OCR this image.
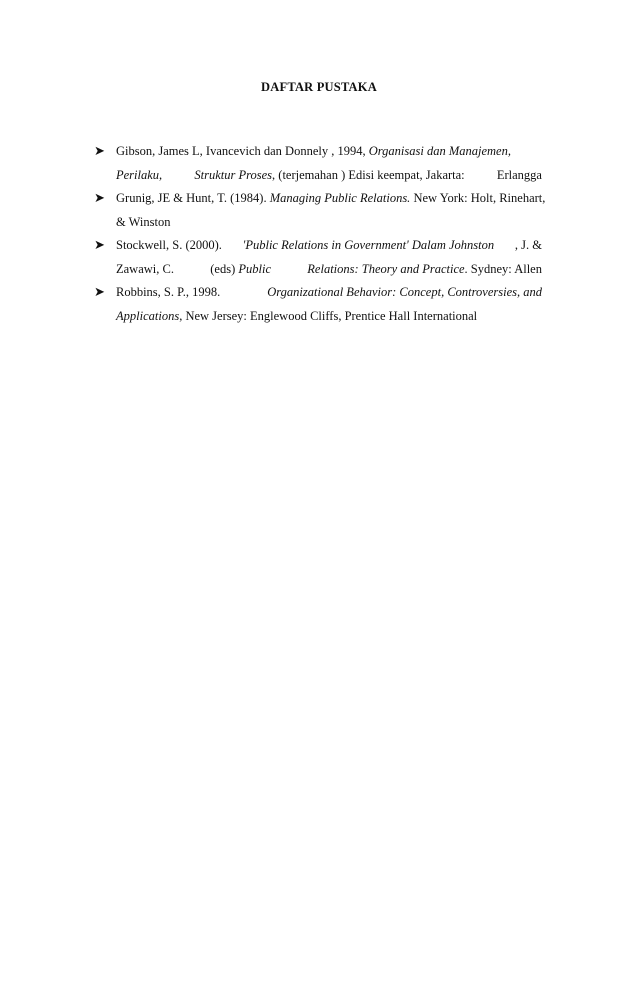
DAFTAR PUSTAKA
➤ Gibson, James L, Ivancevich dan Donnely , 1994, Organisasi dan Manajemen,
Perilaku,	Struktur Proses, (terjemahan ) Edisi keempat, Jakarta:	Erlangga
➤ Grunig, JE & Hunt, T. (1984). Managing Public Relations. New York: Holt, Rinehart,
& Winston
➤ Stockwell, S. (2000). 'Public Relations in Government' Dalam Johnston , J. &
Zawawi, C.	(eds) Public	Relations: Theory and Practice. Sydney: Allen
➤ Robbins, S. P., 1998.	Organizational Behavior: Concept, Controversies, and
Applications, New Jersey: Englewood Cliffs, Prentice Hall International
